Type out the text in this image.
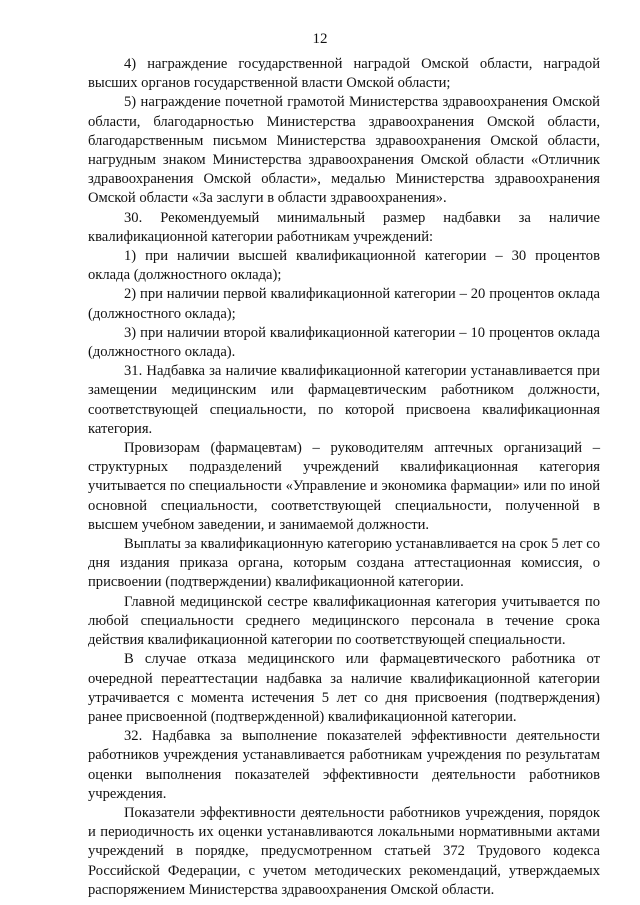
12

4) награждение государственной наградой Омской области, наградой высших органов государственной власти Омской области;

5) награждение почетной грамотой Министерства здравоохранения Омской области, благодарностью Министерства здравоохранения Омской области, благодарственным письмом Министерства здравоохранения Омской области, нагрудным знаком Министерства здравоохранения Омской области «Отличник здравоохранения Омской области», медалью Министерства здравоохранения Омской области «За заслуги в области здравоохранения».

30. Рекомендуемый минимальный размер надбавки за наличие квалификационной категории работникам учреждений:

1) при наличии высшей квалификационной категории – 30 процентов оклада (должностного оклада);

2) при наличии первой квалификационной категории – 20 процентов оклада (должностного оклада);

3) при наличии второй квалификационной категории – 10 процентов оклада (должностного оклада).

31. Надбавка за наличие квалификационной категории устанавливается при замещении медицинским или фармацевтическим работником должности, соответствующей специальности, по которой присвоена квалификационная категория.

Провизорам (фармацевтам) – руководителям аптечных организаций – структурных подразделений учреждений квалификационная категория учитывается по специальности «Управление и экономика фармации» или по иной основной специальности, соответствующей специальности, полученной в высшем учебном заведении, и занимаемой должности.

Выплаты за квалификационную категорию устанавливается на срок 5 лет со дня издания приказа органа, которым создана аттестационная комиссия, о присвоении (подтверждении) квалификационной категории.

Главной медицинской сестре квалификационная категория учитывается по любой специальности среднего медицинского персонала в течение срока действия квалификационной категории по соответствующей специальности.

В случае отказа медицинского или фармацевтического работника от очередной переаттестации надбавка за наличие квалификационной категории утрачивается с момента истечения 5 лет со дня присвоения (подтверждения) ранее присвоенной (подтвержденной) квалификационной категории.

32. Надбавка за выполнение показателей эффективности деятельности работников учреждения устанавливается работникам учреждения по результатам оценки выполнения показателей эффективности деятельности работников учреждения.

Показатели эффективности деятельности работников учреждения, порядок и периодичность их оценки устанавливаются локальными нормативными актами учреждений в порядке, предусмотренном статьей 372 Трудового кодекса Российской Федерации, с учетом методических рекомендаций, утверждаемых распоряжением Министерства здравоохранения Омской области.
